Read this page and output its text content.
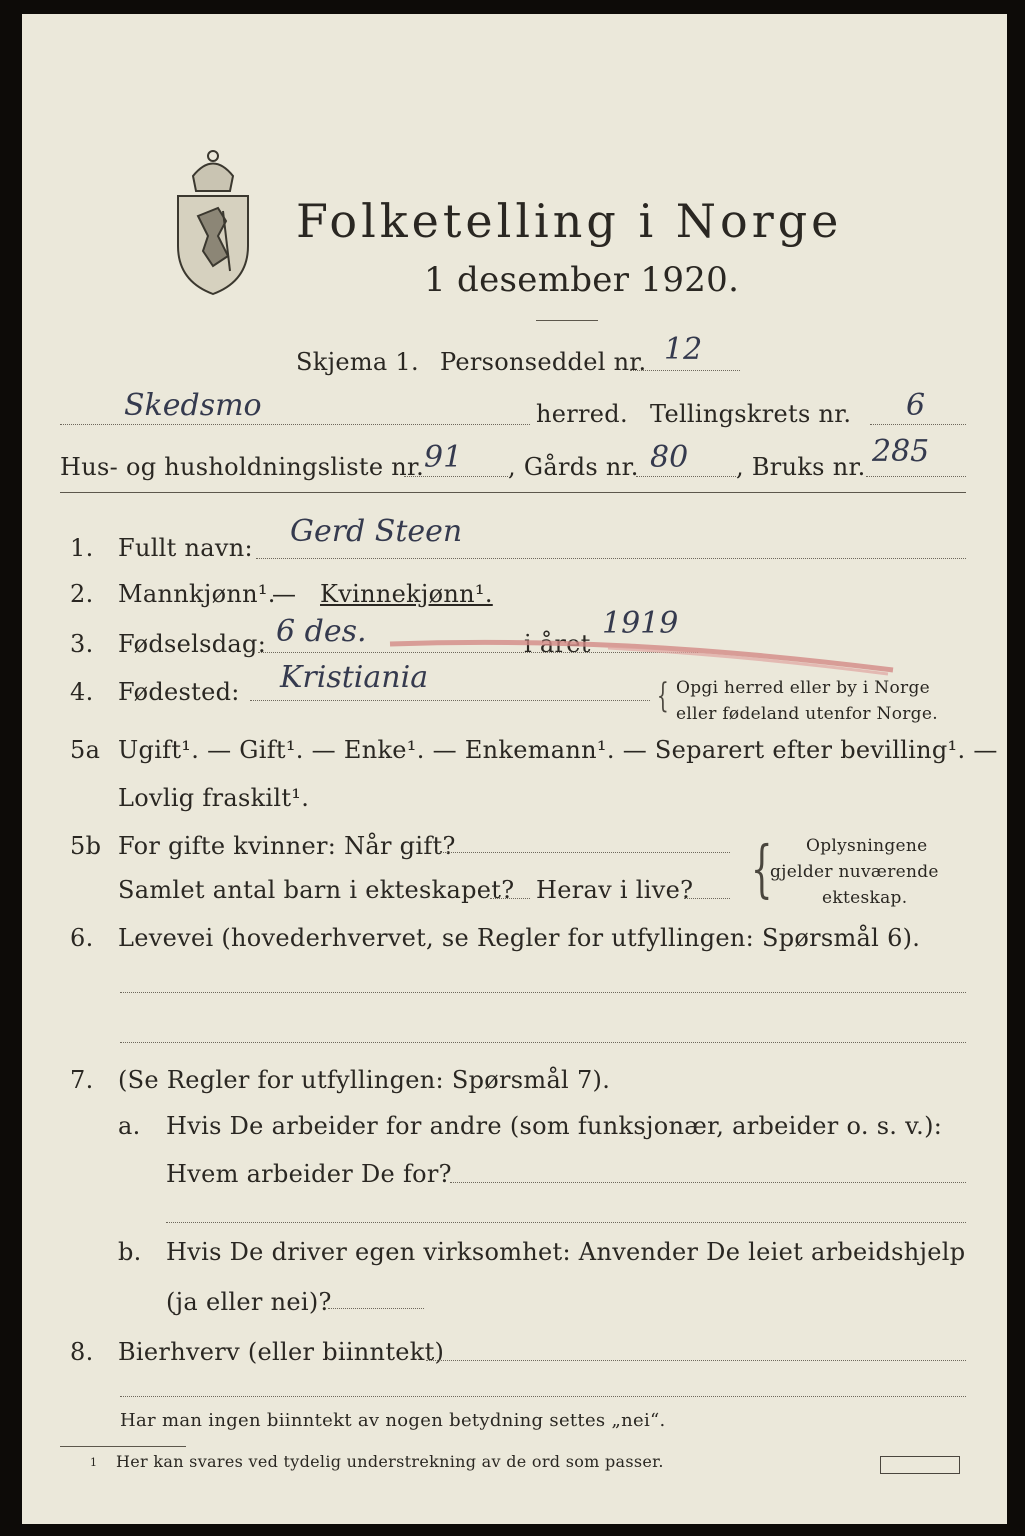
Folketelling i Norge
1 desember 1920.
Skjema 1. Personseddel nr. 12
Skedsmo	herred. Tellingskrets nr. 6
Hus- og husholdningsliste nr. 91 , Gårds nr. 80 , Bruks nr. 285
1. Fullt navn: Gerd Steen
2. Mannkjønn¹.
— Kvinnekjønn¹.
3. Fødselsdag: 6 des.	i året
1919
4. Fødested: Kristiania	{ Opgi herred eller by i Norge
eller fødeland utenfor Norge.
5a Ugift¹. — Gift¹. — Enke¹. — Enkemann¹. — Separert efter bevilling¹. —
Lovlig fraskilt¹.
5b For gifte kvinner: Når gift?
Samlet antal barn i ekteskapet? Herav i live? { Oplysningene
gjelder nuværende
ekteskap.
6. Levevei (hovederhvervet, se Regler for utfyllingen: Spørsmål 6).
7. (Se Regler for utfyllingen: Spørsmål 7).
a. Hvis De arbeider for andre (som funksjonær, arbeider o. s. v.):
Hvem arbeider De for?
b. Hvis De driver egen virksomhet: Anvender De leiet arbeidshjelp
(ja eller nei)?
8. Bierhverv (eller biinntekt)
Har man ingen biinntekt av nogen betydning settes „nei“.
1 Her kan svares ved tydelig understrekning av de ord som passer.
